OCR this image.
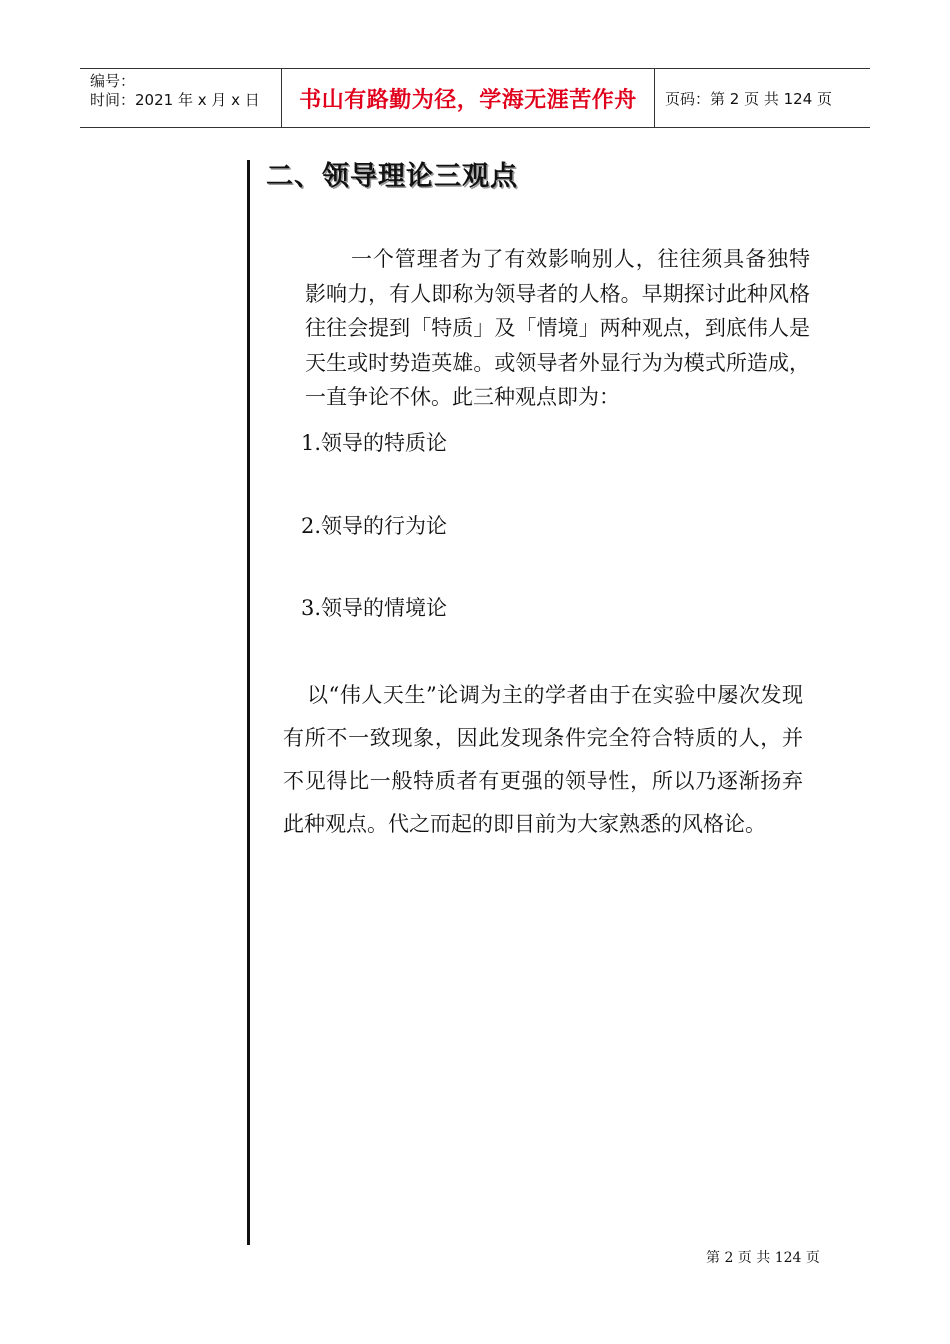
编号：
时间：2021 年 x 月 x 日	书山有路勤为径，学海无涯苦作舟 页码：第 2 页 共 124 页
二、领导理论三观点
一个管理者为了有效影响别人，往往须具备独特影响力，有人即称为领导者的人格。早期探讨此种风格往往会提到「特质」及「情境」两种观点，到底伟人是天生或时势造英雄。或领导者外显行为为模式所造成，一直争论不休。此三种观点即为：
1.领导的特质论
2.领导的行为论
3.领导的情境论
以“伟人天生”论调为主的学者由于在实验中屡次发现有所不一致现象，因此发现条件完全符合特质的人，并不见得比一般特质者有更强的领导性，所以乃逐渐扬弃此种观点。代之而起的即目前为大家熟悉的风格论。
第 2 页 共 124 页
